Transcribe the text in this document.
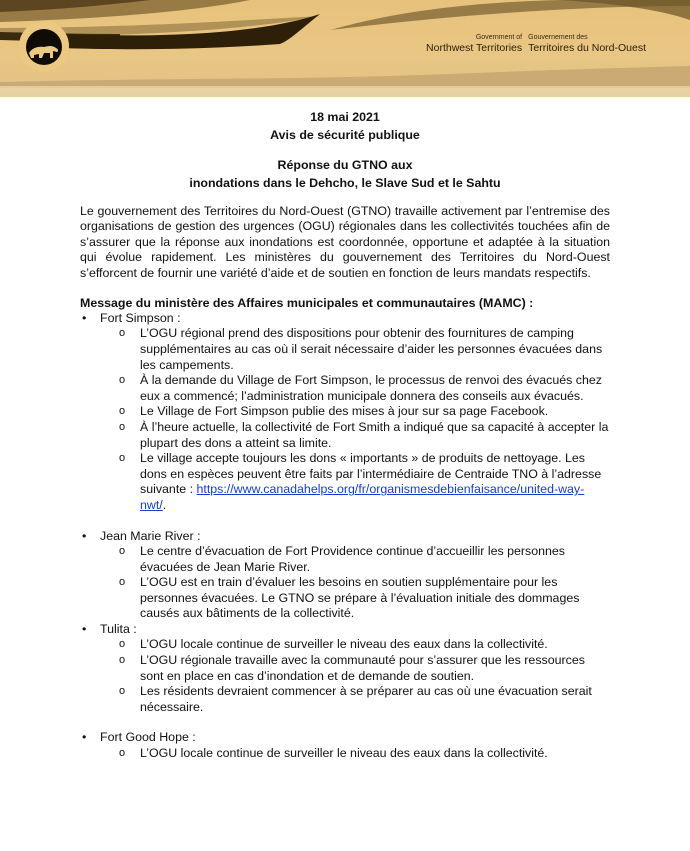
Government of
Northwest Territories
Gouvernement des
Territoires du Nord-Ouest
18 mai 2021
Avis de sécurité publique
Réponse du GTNO aux
inondations dans le Dehcho, le Slave Sud et le Sahtu

Le gouvernement des Territoires du Nord-Ouest (GTNO) travaille activement par l’entremise des organisations de gestion des urgences (OGU) régionales dans les collectivités touchées afin de s’assurer que la réponse aux inondations est coordonnée, opportune et adaptée à la situation qui évolue rapidement. Les ministères du gouvernement des Territoires du Nord-Ouest s’efforcent de fournir une variété d’aide et de soutien en fonction de leurs mandats respectifs.

Message du ministère des Affaires municipales et communautaires (MAMC) :
• Fort Simpson :
o L’OGU régional prend des dispositions pour obtenir des fournitures de camping supplémentaires au cas où il serait nécessaire d’aider les personnes évacuées dans les campements.
o À la demande du Village de Fort Simpson, le processus de renvoi des évacués chez eux a commencé; l’administration municipale donnera des conseils aux évacués.
o Le Village de Fort Simpson publie des mises à jour sur sa page Facebook.
o À l’heure actuelle, la collectivité de Fort Smith a indiqué que sa capacité à accepter la plupart des dons a atteint sa limite.
o Le village accepte toujours les dons « importants » de produits de nettoyage. Les dons en espèces peuvent être faits par l’intermédiaire de Centraide TNO à l’adresse suivante : https://www.canadahelps.org/fr/organismesdebienfaisance/united-way-nwt/.
• Jean Marie River :
o Le centre d’évacuation de Fort Providence continue d’accueillir les personnes évacuées de Jean Marie River.
o L’OGU est en train d’évaluer les besoins en soutien supplémentaire pour les personnes évacuées. Le GTNO se prépare à l’évaluation initiale des dommages causés aux bâtiments de la collectivité.
• Tulita :
o L’OGU locale continue de surveiller le niveau des eaux dans la collectivité.
o L’OGU régionale travaille avec la communauté pour s’assurer que les ressources sont en place en cas d’inondation et de demande de soutien.
o Les résidents devraient commencer à se préparer au cas où une évacuation serait nécessaire.
• Fort Good Hope :
o L’OGU locale continue de surveiller le niveau des eaux dans la collectivité.
